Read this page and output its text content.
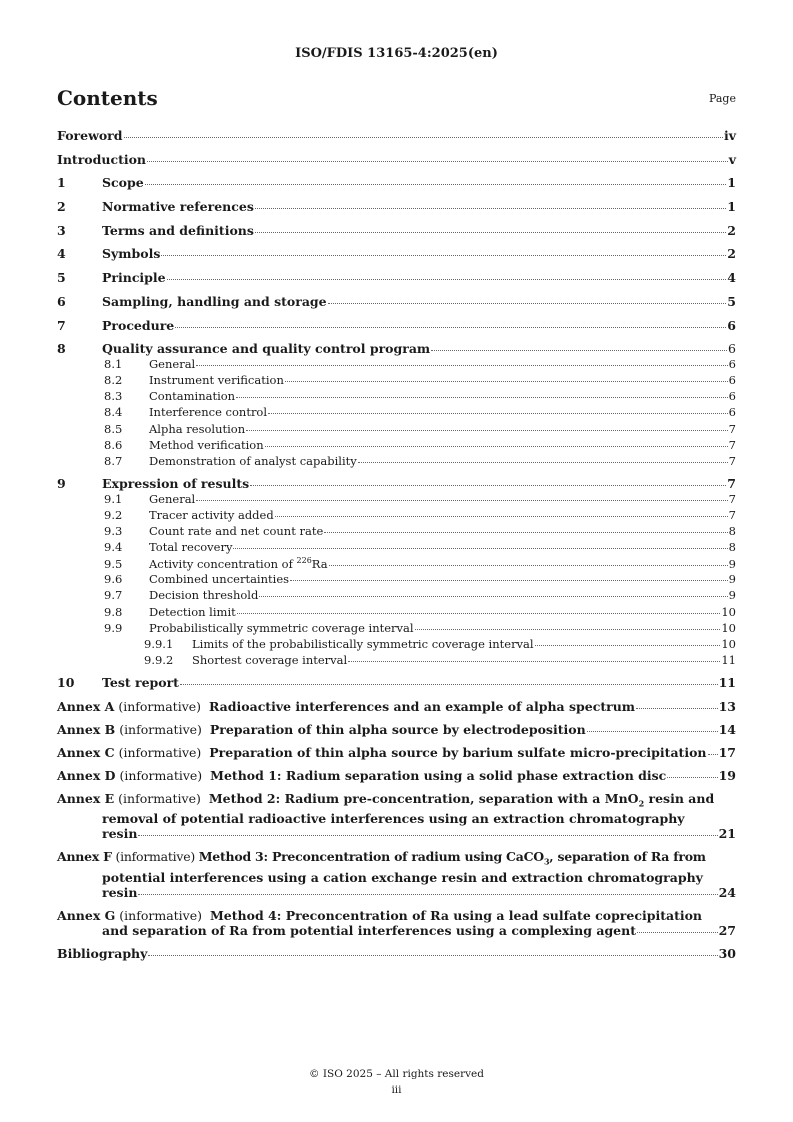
ISO/FDIS 13165-4:2025(en)
Contents	Page
Foreword	iv
Introduction	v
1	Scope	1
2	Normative references	1
3	Terms and definitions	2
4	Symbols	2
5	Principle	4
6	Sampling, handling and storage	5
7	Procedure	6
8	Quality assurance and quality control program	6
8.1	General	6
8.2	Instrument verification	6
8.3	Contamination	6
8.4	Interference control	6
8.5	Alpha resolution	7
8.6	Method verification	7
8.7	Demonstration of analyst capability	7
9	Expression of results	7
9.1	General	7
9.2	Tracer activity added	7
9.3	Count rate and net count rate	8
9.4	Total recovery	8
9.5	Activity concentration of $^{226}$Ra	9
9.6	Combined uncertainties	9
9.7	Decision threshold	9
9.8	Detection limit	10
9.9	Probabilistically symmetric coverage interval	10
9.9.1	Limits of the probabilistically symmetric coverage interval	10
9.9.2	Shortest coverage interval	11
10	Test report	11
Annex A (informative) Radioactive interferences and an example of alpha spectrum	13
Annex B (informative) Preparation of thin alpha source by electrodeposition	14
Annex C (informative) Preparation of thin alpha source by barium sulfate micro-precipitation 17
Annex D (informative) Method 1: Radium separation using a solid phase extraction disc	19
Annex E (informative) Method 2: Radium pre-concentration, separation with a MnO$_2$ resin and
removal of potential radioactive interferences using an extraction chromatography
resin	21
Annex F (informative) Method 3: Preconcentration of radium using CaCO$_3$, separation of Ra from
potential interferences using a cation exchange resin and extraction chromatography
resin	24
Annex G (informative) Method 4: Preconcentration of Ra using a lead sulfate coprecipitation
and separation of Ra from potential interferences using a complexing agent	27
Bibliography	30
© ISO 2025 – All rights reserved
iii
